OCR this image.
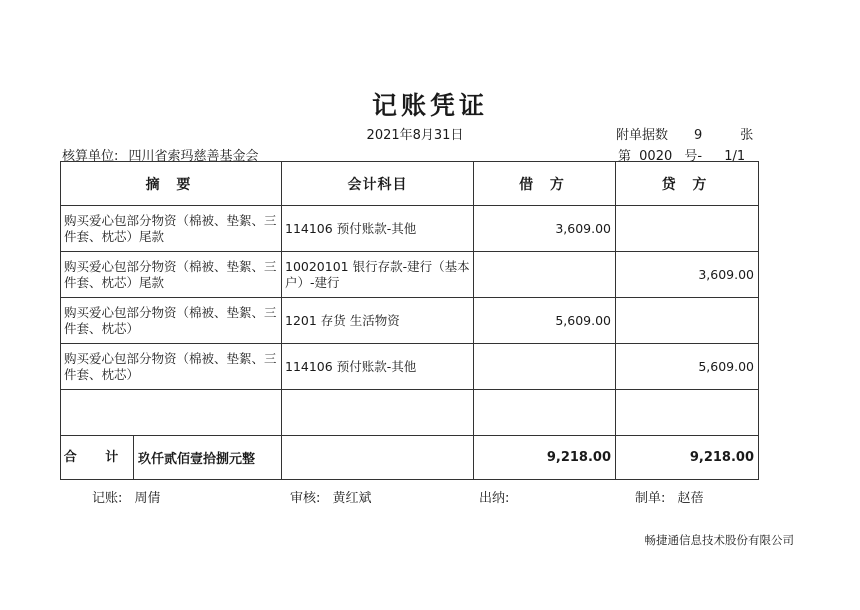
记账凭证
2021年8月31日	附单据数 9	张
核算单位: 四川省索玛慈善基金会	第 0020 号- 1/1
摘 要	会计科目	借 方	贷 方
购买爱心包部分物资（棉被、垫絮、三件套、枕芯）尾款	114106 预付账款-其他	3,609.00	
购买爱心包部分物资（棉被、垫絮、三件套、枕芯）尾款	10020101 银行存款-建行（基本户）-建行		3,609.00
购买爱心包部分物资（棉被、垫絮、三件套、枕芯）	1201 存货 生活物资	5,609.00	
购买爱心包部分物资（棉被、垫絮、三件套、枕芯）	114106 预付账款-其他		5,609.00

合 计 玖仟贰佰壹拾捌元整		9,218.00	9,218.00
记账: 周倩	审核: 黄红斌	出纳:	制单: 赵蓓
畅捷通信息技术股份有限公司
